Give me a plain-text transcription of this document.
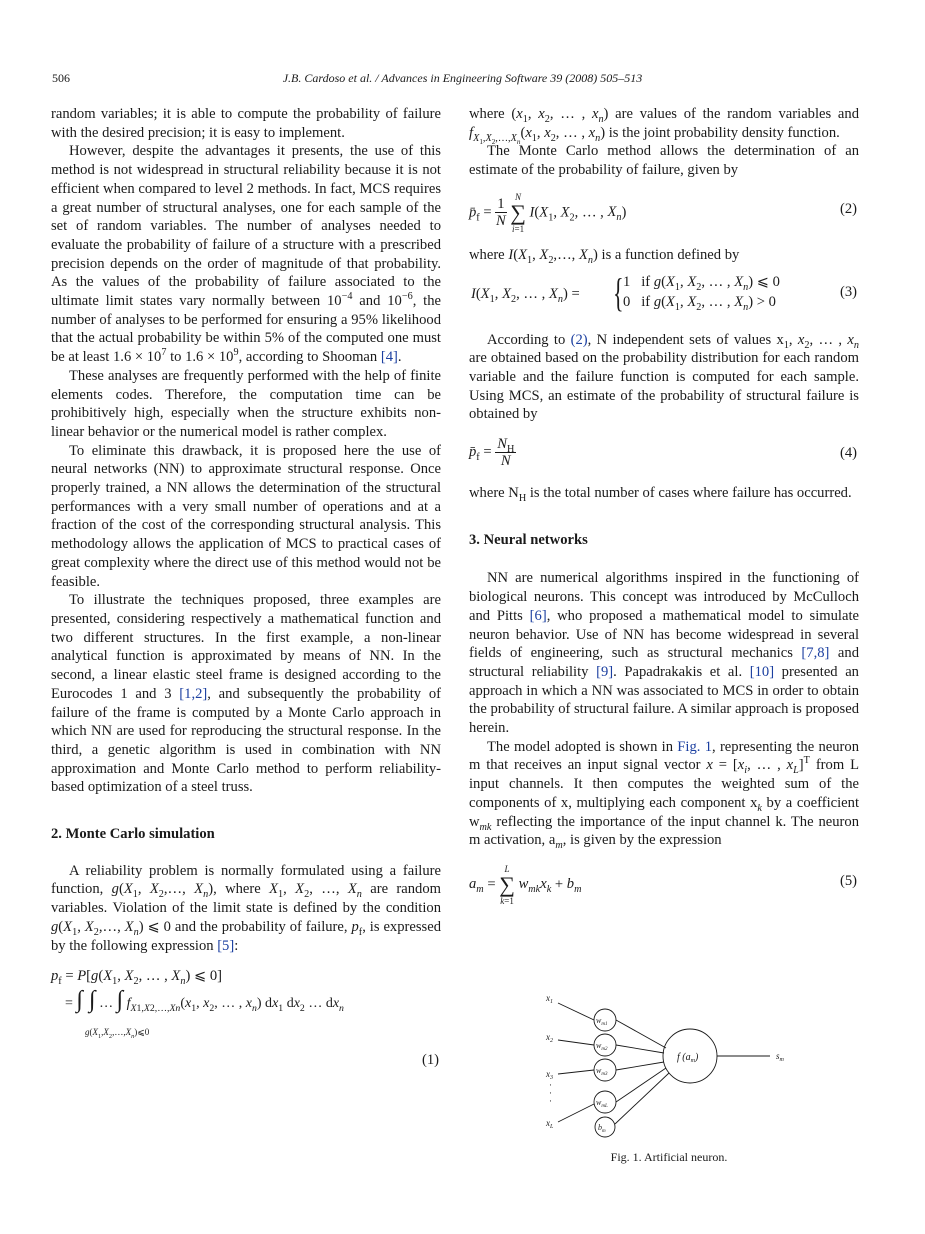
506	J.B. Cardoso et al. / Advances in Engineering Software 39 (2008) 505–513

random variables; it is able to compute the probability of failure with the desired precision; it is easy to implement.

However, despite the advantages it presents, the use of this method is not widespread in structural reliability because it is not efficient when compared to level 2 methods. In fact, MCS requires a great number of structural analyses, one for each sample of the set of random variables. The number of analyses needed to evaluate the probability of failure of a structure with a prescribed precision depends on the order of magnitude of that probability. As the values of the probability of failure associated to the ultimate limit states vary normally between $10^{-4}$ and $10^{-6}$, the number of analyses to be performed for ensuring a 95% likelihood that the actual probability be within 5% of the computed one must be at least $1.6 \times 10^7$ to $1.6 \times 10^9$, according to Shooman [4].

These analyses are frequently performed with the help of finite elements codes. Therefore, the computation time can be prohibitively high, especially when the structure exhibits non-linear behavior or the numerical model is rather complex.

To eliminate this drawback, it is proposed here the use of neural networks (NN) to approximate structural response. Once properly trained, a NN allows the determination of the structural performances with a very small number of operations and at a fraction of the cost of the corresponding structural analysis. This methodology allows the application of MCS to practical cases of great complexity where the direct use of this method would not be feasible.

To illustrate the techniques proposed, three examples are presented, considering respectively a mathematical function and two different structures. In the first example, a non-linear analytical function is approximated by means of NN. In the second, a linear elastic steel frame is designed according to the Eurocodes 1 and 3 [1,2], and subsequently the probability of failure of the frame is computed by a Monte Carlo approach in which NN are used for reproducing the structural response. In the third, a genetic algorithm is used in combination with NN approximation and Monte Carlo method to perform reliability-based optimization of a steel truss.

2. Monte Carlo simulation

A reliability problem is normally formulated using a failure function, $g(X_1$, $X_2,\dots$, $X_n$), where $X_1$, $X_2$, …, $X_n$ are random variables. Violation of the limit state is defined by the condition $g(X_1$, $X_2,\dots$, $X_n$) ⩽ 0 and the probability of failure, $p_f$, is expressed by the following expression [5]:

$p_f = P[g(X_1$, $X_2$, … , $X_n$) ⩽ 0]
= ∫ ∫ … ∫ $f_{X1,X2,\dots,Xn}(x_1$, $x_2$, … , $x_n$) $dx_1$ $dx_2$ … $dx_n$
$g(X_1,X_2,\dots,X_n)⩽0$
(1)

where ($x_1$, $x_2$, … , $x_n$) are values of the random variables and $f_{X_1,X_2,\dots,X_n}(x_1$, $x_2$, … , $x_n$) is the joint probability density function.

The Monte Carlo method allows the determination of an estimate of the probability of failure, given by

$p̄_f = \frac{1}{N}$
N
∑
i=1
$I(X_1$, $X_2$, … , $X_n$)	(2)

where $I(X_1$, $X_2,\dots$, $X_n$) is a function defined by

$I(X_1$, $X_2$, … , $X_n$) = { 1   if $g(X_1$, $X_2$, … , $X_n$) ⩽ 0
0   if $g(X_1$, $X_2$, … , $X_n) > 0$
(3)

According to (2), N independent sets of values $x_1$, $x_2$, … , $x_n$ are obtained based on the probability distribution for each random variable and the failure function is computed for each sample. Using MCS, an estimate of the probability of structural failure is obtained by

$p̄_f = \frac{N_H}{N}$	(4)

where $N_H$ is the total number of cases where failure has occurred.

3. Neural networks

NN are numerical algorithms inspired in the functioning of biological neurons. This concept was introduced by McCulloch and Pitts [6], who proposed a mathematical model to simulate neuron behavior. Use of NN has become widespread in several fields of engineering, such as structural mechanics [7,8] and structural reliability [9]. Papadrakakis et al. [10] presented an approach in which a NN was associated to MCS in order to obtain the probability of structural failure. A similar approach is proposed herein.

The model adopted is shown in Fig. 1, representing the neuron m that receives an input signal vector $x = [x_i$, … , $x_L]^T$ from L input channels. It then computes the weighted sum of the components of x, multiplying each component $x_k$ by a coefficient $w_{mk}$ reflecting the importance of the input channel k. The neuron m activation, $a_m$, is given by the expression

$a_m$ =
L
∑
k=1
$w_{mk}x_k + b_m$
(5)
$x_1$
$x_2$
$x_3$
·
·
·
$x_L$
$w_{m1}$
$w_{m2}$
$w_{m3}$
$w_{mL}$
$b_m$
f $(a_m)$	$s_m$
Fig. 1. Artificial neuron.
